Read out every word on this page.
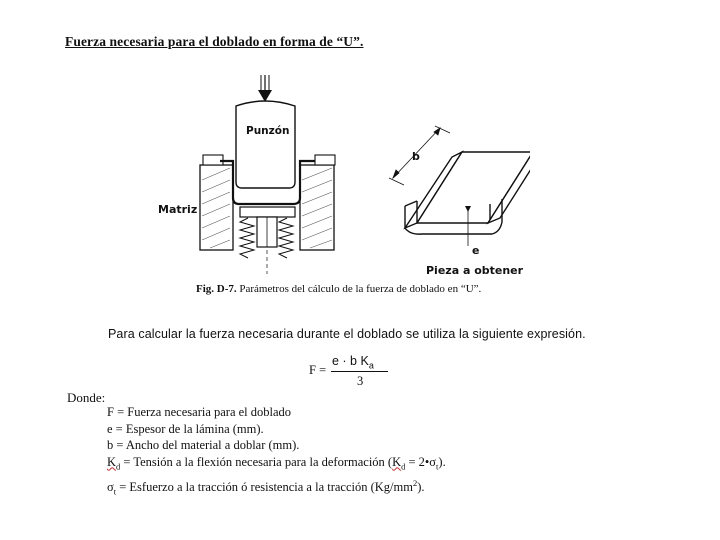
Fuerza necesaria para el doblado en forma de “U”.
Punzón
Matriz
b
e
Pieza a obtener
Fig. D-7. Parámetros del cálculo de la fuerza de doblado en “U”.
Para calcular la fuerza necesaria durante el doblado se utiliza la siguiente expresión.
F =
e · b $K_a$
3
Donde:
F = Fuerza necesaria para el doblado
e = Espesor de la lámina (mm).
b = Ancho del material a doblar (mm).
$K_d$ = Tensión a la flexión necesaria para la deformación ($K_d$ = $2•\sigma_t$).
$\sigma_t$ = Esfuerzo a la tracción ó resistencia a la tracción $(Kg/mm^2)$.
